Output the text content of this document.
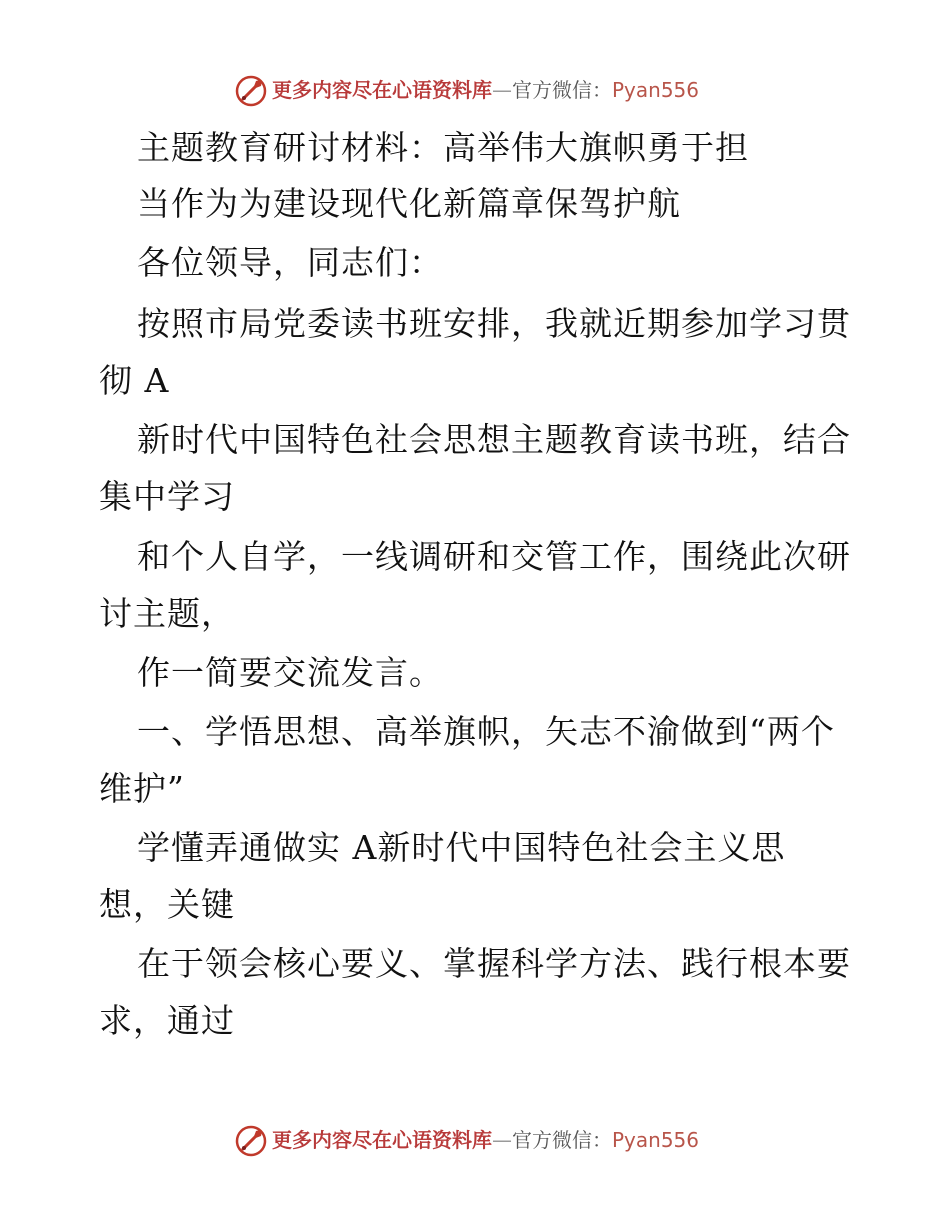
更多内容尽在心语资料库—官方微信：Pyan556
主题教育研讨材料：高举伟大旗帜勇于担
当作为为建设现代化新篇章保驾护航
各位领导，同志们：
按照市局党委读书班安排，我就近期参加学习贯
彻 A
新时代中国特色社会思想主题教育读书班，结合
集中学习
和个人自学，一线调研和交管工作，围绕此次研
讨主题，
作一简要交流发言。
一、学悟思想、高举旗帜，矢志不渝做到“两个
维护”
学懂弄通做实 A新时代中国特色社会主义思
想，关键
在于领会核心要义、掌握科学方法、践行根本要
求，通过
更多内容尽在心语资料库—官方微信：Pyan556
